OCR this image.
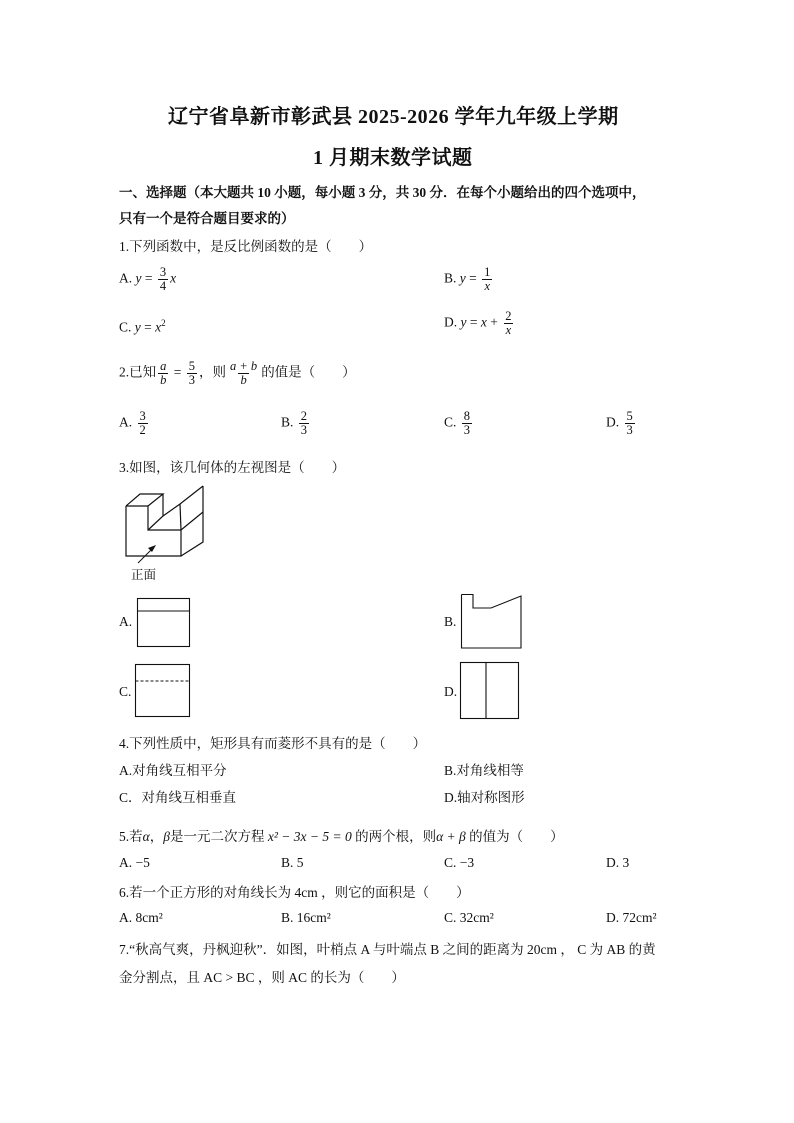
辽宁省阜新市彰武县 2025-2026 学年九年级上学期
1 月期末数学试题
一、选择题（本大题共 10 小题，每小题 3 分，共 30 分．在每个小题给出的四个选项中，
只有一个是符合题目要求的）
1.下列函数中，是反比例函数的是（　　）
A. $y = \frac{3}{4}$ x	B. $y = \frac{1}{x}$
C. $y = x^2$	D. $y = x + \frac{2}{x}$
2.已知 $\frac{a}{b} = \frac{5}{3}$ ，则 $\frac{a + b}{b}$ 的值是（　　）
A. $\frac{3}{2}$	B. $\frac{2}{3}$	C. $\frac{8}{3}$	D. $\frac{5}{3}$
3.如图，该几何体的左视图是（　　）
正面
A.	B.
C.	D.
4.下列性质中，矩形具有而菱形不具有的是（　　）
A.对角线互相平分	B.对角线相等
C．对角线互相垂直	D.轴对称图形
5.若α，β是一元二次方程 x² − 3x − 5 = 0 的两个根，则α + β 的值为（　　）
A. −5	B. 5	C. −3	D. 3
6.若一个正方形的对角线长为 4cm ，则它的面积是（　　）
A. 8cm²	B. 16cm²	C. 32cm²	D. 72cm²
7.“秋高气爽，丹枫迎秋”．如图，叶梢点 A 与叶端点 B 之间的距离为 20cm ， C 为 AB 的黄
金分割点，且 AC > BC ，则 AC 的长为（　　）
